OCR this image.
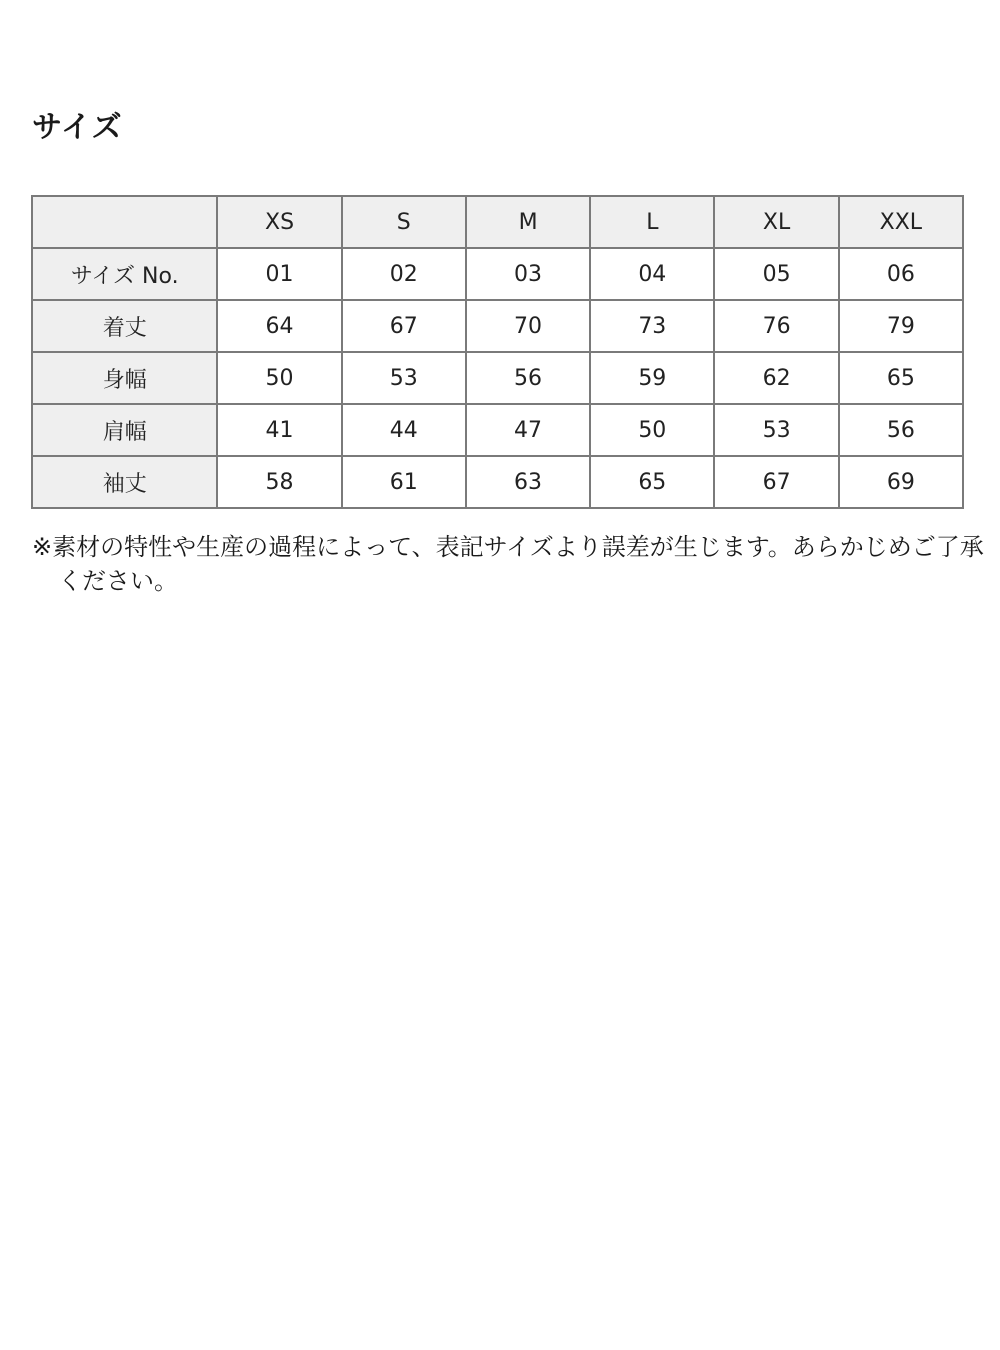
サイズ
	XS	S	M	L	XL	XXL
サイズ No.	01	02	03	04	05	06
着丈	64	67	70	73	76	79
身幅	50	53	56	59	62	65
肩幅	41	44	47	50	53	56
袖丈	58	61	63	65	67	69

※素材の特性や生産の過程によって、表記サイズより誤差が生じます。あらかじめご了承ください。
